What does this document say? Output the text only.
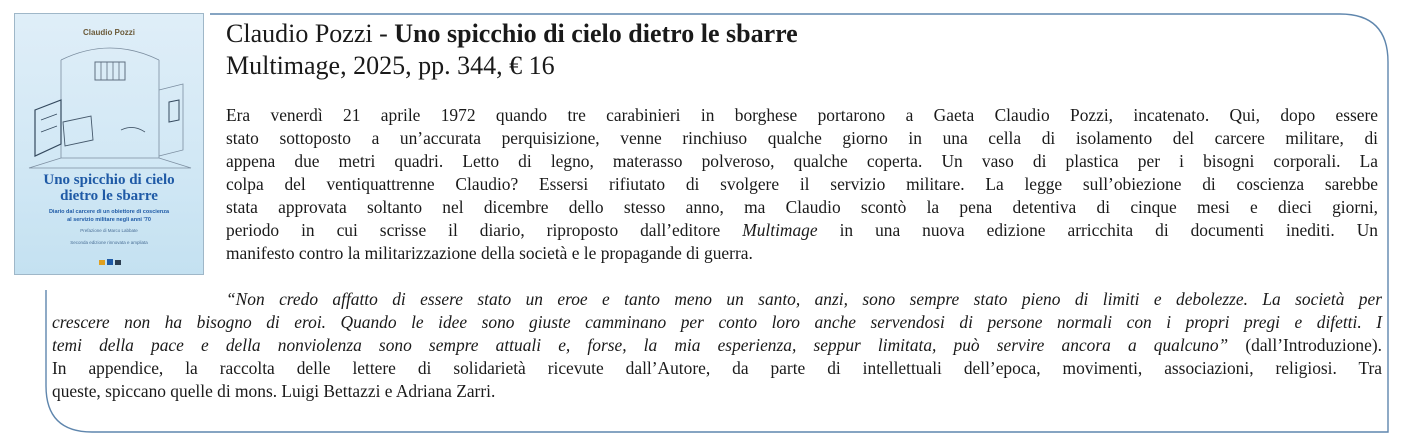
Claudio Pozzi
Uno spicchio di cielo
dietro le sbarre
Diario dal carcere di un obiettore di coscienza
al servizio militare negli anni '70
Prefazione di Marco Labbate
Seconda edizione rinnovata e ampliata
Claudio Pozzi - Uno spicchio di cielo dietro le sbarre
Multimage, 2025, pp. 344, € 16
Era venerdì 21 aprile 1972 quando tre carabinieri in borghese portarono a Gaeta Claudio Pozzi, incatenato. Qui, dopo essere
stato sottoposto a un’accurata perquisizione, venne rinchiuso qualche giorno in una cella di isolamento del carcere militare, di
appena due metri quadri. Letto di legno, materasso polveroso, qualche coperta. Un vaso di plastica per i bisogni corporali. La
colpa del ventiquattrenne Claudio? Essersi rifiutato di svolgere il servizio militare. La legge sull’obiezione di coscienza sarebbe
stata approvata soltanto nel dicembre dello stesso anno, ma Claudio scontò la pena detentiva di cinque mesi e dieci giorni,
periodo in cui scrisse il diario, riproposto dall’editore Multimage in una nuova edizione arricchita di documenti inediti. Un
manifesto contro la militarizzazione della società e le propagande di guerra.
“Non credo affatto di essere stato un eroe e tanto meno un santo, anzi, sono sempre stato pieno di limiti e debolezze. La società per
crescere non ha bisogno di eroi. Quando le idee sono giuste camminano per conto loro anche servendosi di persone normali con i propri pregi e difetti. I
temi della pace e della nonviolenza sono sempre attuali e, forse, la mia esperienza, seppur limitata, può servire ancora a qualcuno” (dall’Introduzione).
In appendice, la raccolta delle lettere di solidarietà ricevute dall’Autore, da parte di intellettuali dell’epoca, movimenti, associazioni, religiosi. Tra
queste, spiccano quelle di mons. Luigi Bettazzi e Adriana Zarri.
